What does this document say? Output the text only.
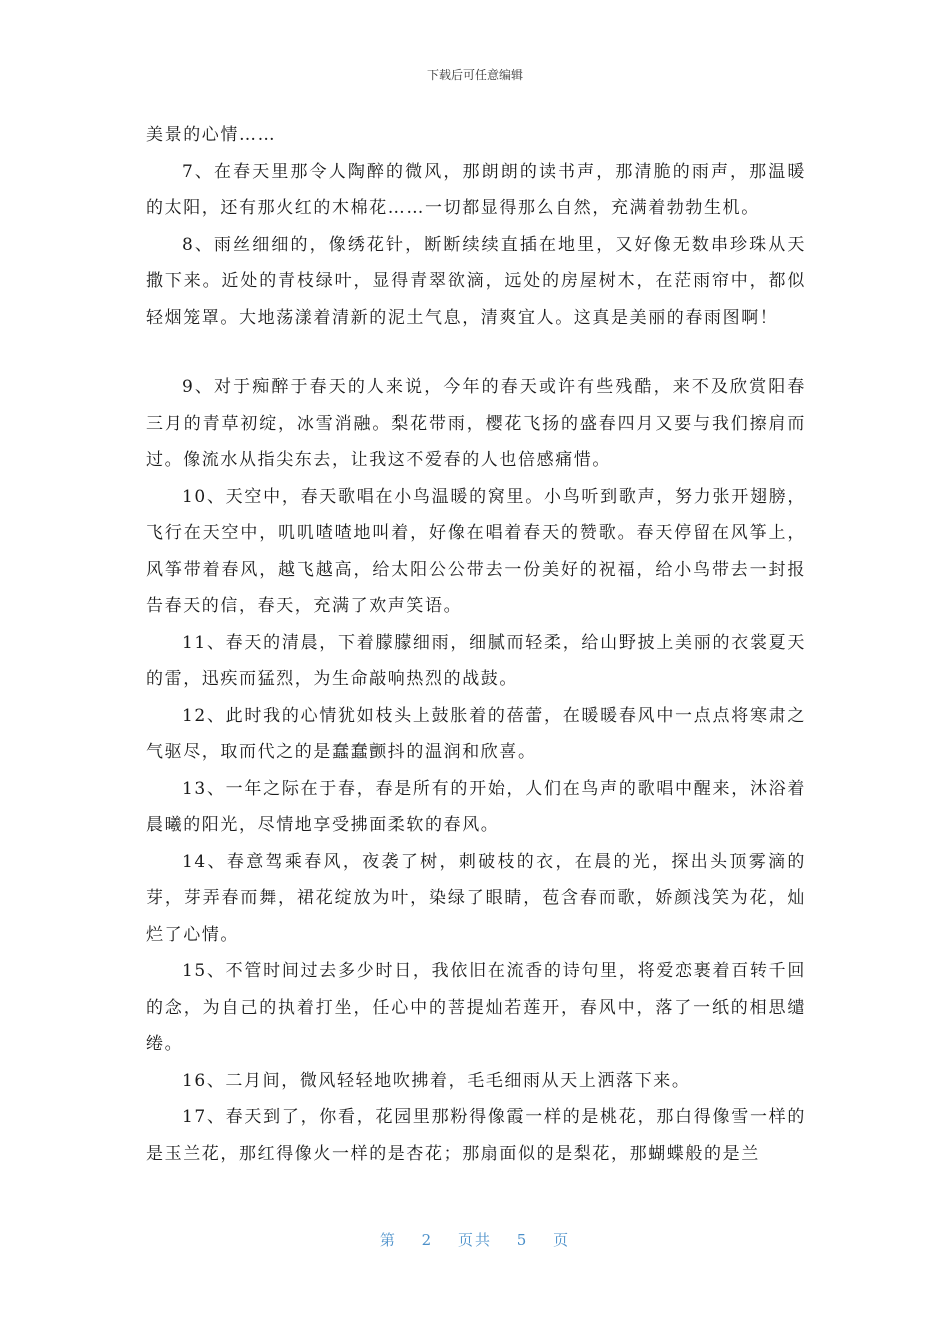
下载后可任意编辑

美景的心情……

7、在春天里那令人陶醉的微风，那朗朗的读书声，那清脆的雨声，那温暖的太阳，还有那火红的木棉花……一切都显得那么自然，充满着勃勃生机。

8、雨丝细细的，像绣花针，断断续续直插在地里，又好像无数串珍珠从天撒下来。近处的青枝绿叶，显得青翠欲滴，远处的房屋树木，在茫雨帘中，都似轻烟笼罩。大地荡漾着清新的泥土气息，清爽宜人。这真是美丽的春雨图啊！

9、对于痴醉于春天的人来说，今年的春天或许有些残酷，来不及欣赏阳春三月的青草初绽，冰雪消融。梨花带雨，樱花飞扬的盛春四月又要与我们擦肩而过。像流水从指尖东去，让我这不爱春的人也倍感痛惜。

10、天空中，春天歌唱在小鸟温暖的窝里。小鸟听到歌声，努力张开翅膀，飞行在天空中，叽叽喳喳地叫着，好像在唱着春天的赞歌。春天停留在风筝上，风筝带着春风，越飞越高，给太阳公公带去一份美好的祝福，给小鸟带去一封报告春天的信，春天，充满了欢声笑语。

11、春天的清晨，下着朦朦细雨，细腻而轻柔，给山野披上美丽的衣裳夏天的雷，迅疾而猛烈，为生命敲响热烈的战鼓。

12、此时我的心情犹如枝头上鼓胀着的蓓蕾，在暖暖春风中一点点将寒肃之气驱尽，取而代之的是蠢蠢颤抖的温润和欣喜。

13、一年之际在于春，春是所有的开始，人们在鸟声的歌唱中醒来，沐浴着晨曦的阳光，尽情地享受拂面柔软的春风。

14、春意驾乘春风，夜袭了树，刺破枝的衣，在晨的光，探出头顶雾滴的芽，芽弄春而舞，裙花绽放为叶，染绿了眼睛，苞含春而歌，娇颜浅笑为花，灿烂了心情。

15、不管时间过去多少时日，我依旧在流香的诗句里，将爱恋裹着百转千回的念，为自己的执着打坐，任心中的菩提灿若莲开，春风中，落了一纸的相思缱绻。

16、二月间，微风轻轻地吹拂着，毛毛细雨从天上洒落下来。

17、春天到了，你看，花园里那粉得像霞一样的是桃花，那白得像雪一样的是玉兰花，那红得像火一样的是杏花；那扇面似的是梨花，那蝴蝶般的是兰

第 2 页共 5 页
